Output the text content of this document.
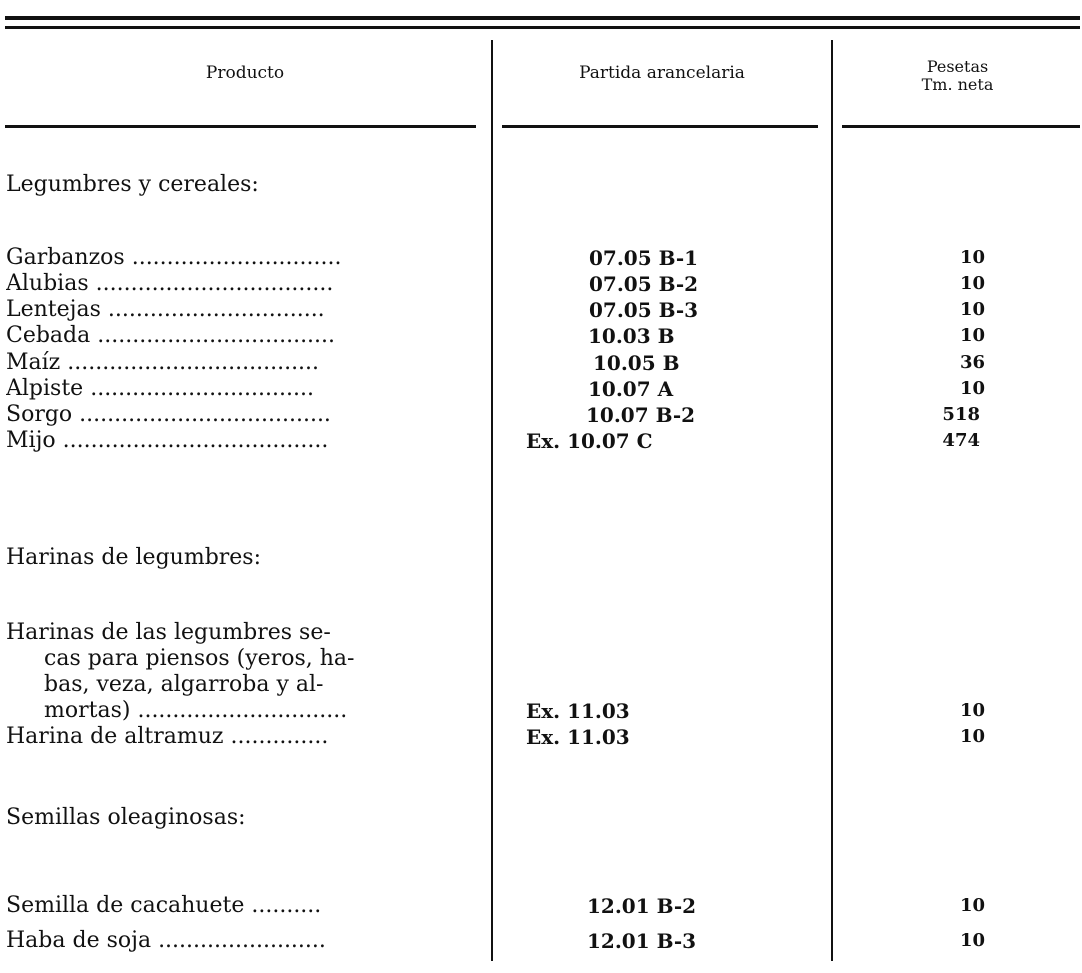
Producto	Partida arancelaria	Pesetas
Tm. neta
Legumbres y cereales:
Garbanzos ..............................	07.05 B-1	10
Alubias ..................................	07.05 B-2	10
Lentejas ...............................	07.05 B-3	10
Cebada ..................................	10.03 B	10
Maíz ....................................	10.05 B	36
Alpiste ................................	10.07 A	10
Sorgo ....................................	10.07 B-2	518
Mijo ......................................	Ex. 10.07 C	474
Harinas de legumbres:
Harinas de las legumbres se-
cas para piensos (yeros, ha-
bas, veza, algarroba y al-
mortas) ..............................	Ex. 11.03	10
Harina de altramuz ..............	Ex. 11.03	10
Semillas oleaginosas:
Semilla de cacahuete ..........	12.01 B-2	10
Haba de soja ........................	12.01 B-3	10
